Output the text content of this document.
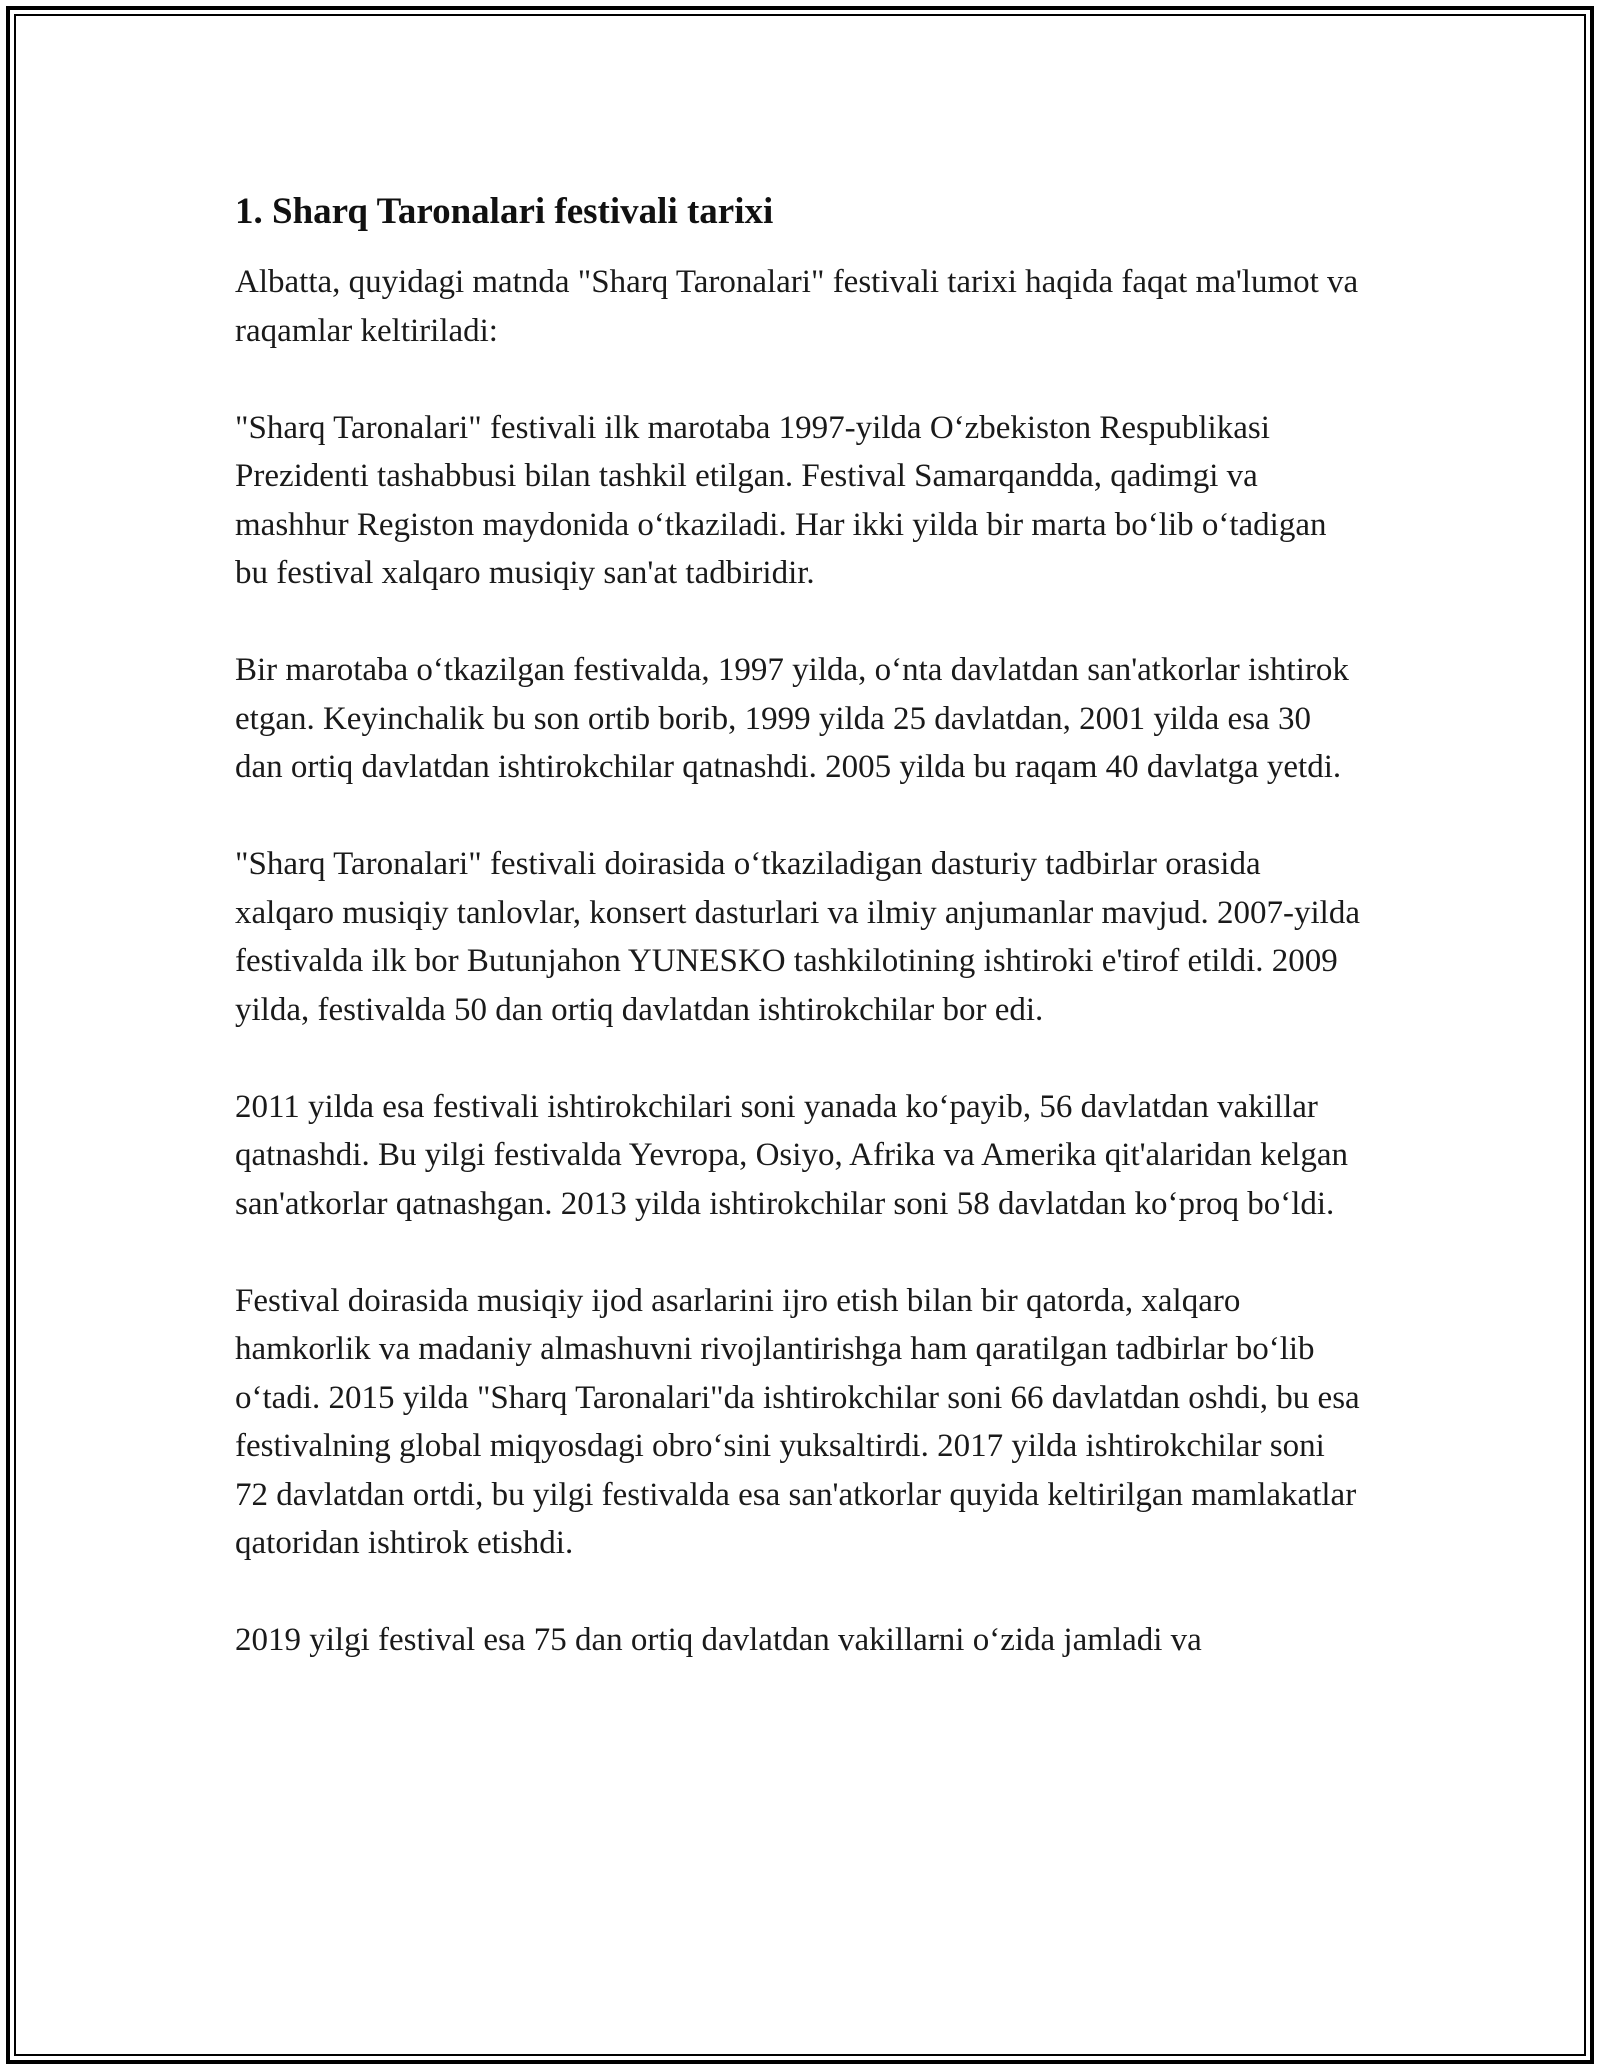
1. Sharq Taronalari festivali tarixi

Albatta, quyidagi matnda "Sharq Taronalari" festivali tarixi haqida faqat ma'lumot va raqamlar keltiriladi:

"Sharq Taronalari" festivali ilk marotaba 1997-yilda O‘zbekiston Respublikasi Prezidenti tashabbusi bilan tashkil etilgan. Festival Samarqandda, qadimgi va mashhur Registon maydonida o‘tkaziladi. Har ikki yilda bir marta bo‘lib o‘tadigan bu festival xalqaro musiqiy san'at tadbiridir.

Bir marotaba o‘tkazilgan festivalda, 1997 yilda, o‘nta davlatdan san'atkorlar ishtirok etgan. Keyinchalik bu son ortib borib, 1999 yilda 25 davlatdan, 2001 yilda esa 30 dan ortiq davlatdan ishtirokchilar qatnashdi. 2005 yilda bu raqam 40 davlatga yetdi.

"Sharq Taronalari" festivali doirasida o‘tkaziladigan dasturiy tadbirlar orasida xalqaro musiqiy tanlovlar, konsert dasturlari va ilmiy anjumanlar mavjud. 2007-yilda festivalda ilk bor Butunjahon YUNESKO tashkilotining ishtiroki e'tirof etildi. 2009 yilda, festivalda 50 dan ortiq davlatdan ishtirokchilar bor edi.

2011 yilda esa festivali ishtirokchilari soni yanada ko‘payib, 56 davlatdan vakillar qatnashdi. Bu yilgi festivalda Yevropa, Osiyo, Afrika va Amerika qit'alaridan kelgan san'atkorlar qatnashgan. 2013 yilda ishtirokchilar soni 58 davlatdan ko‘proq bo‘ldi.

Festival doirasida musiqiy ijod asarlarini ijro etish bilan bir qatorda, xalqaro hamkorlik va madaniy almashuvni rivojlantirishga ham qaratilgan tadbirlar bo‘lib o‘tadi. 2015 yilda "Sharq Taronalari"da ishtirokchilar soni 66 davlatdan oshdi, bu esa festivalning global miqyosdagi obro‘sini yuksaltirdi. 2017 yilda ishtirokchilar soni 72 davlatdan ortdi, bu yilgi festivalda esa san'atkorlar quyida keltirilgan mamlakatlar qatoridan ishtirok etishdi.

2019 yilgi festival esa 75 dan ortiq davlatdan vakillarni o‘zida jamladi va
